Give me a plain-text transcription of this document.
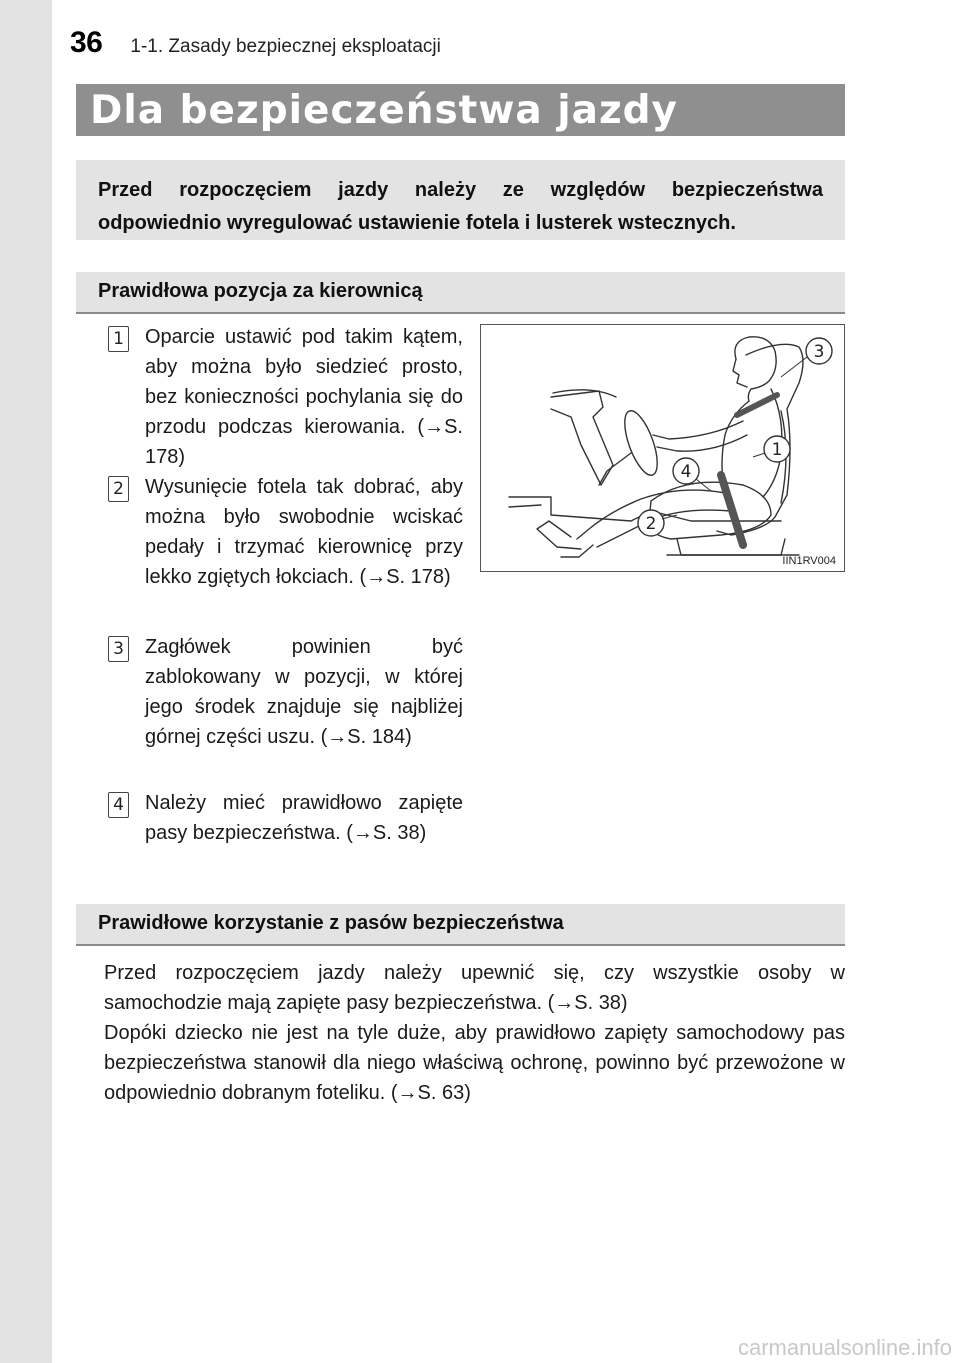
36 1-1. Zasady bezpiecznej eksploatacji
Dla bezpieczeństwa jazdy
Przed rozpoczęciem jazdy należy ze względów bezpieczeństwa odpowiednio wyregulować ustawienie fotela i lusterek wstecznych.
Prawidłowa pozycja za kierownicą
1 Oparcie ustawić pod takim kątem, aby można było siedzieć prosto, bez konieczności pochylania się do przodu podczas kierowania. (→S. 178)
2 Wysunięcie fotela tak dobrać, aby można było swobodnie wciskać pedały i trzymać kierownicę przy lekko zgiętych łokciach. (→S. 178)
3 Zagłówek powinien być zablokowany w pozycji, w której jego środek znajduje się najbliżej górnej części uszu. (→S. 184)
4 Należy mieć prawidłowo zapięte pasy bezpieczeństwa. (→S. 38)
3
1
4
2
IIN1RV004
Prawidłowe korzystanie z pasów bezpieczeństwa
Przed rozpoczęciem jazdy należy upewnić się, czy wszystkie osoby w samochodzie mają zapięte pasy bezpieczeństwa. (→S. 38)
Dopóki dziecko nie jest na tyle duże, aby prawidłowo zapięty samochodowy pas bezpieczeństwa stanowił dla niego właściwą ochronę, powinno być przewożone w odpowiednio dobranym foteliku. (→S. 63)
carmanualsonline.info
